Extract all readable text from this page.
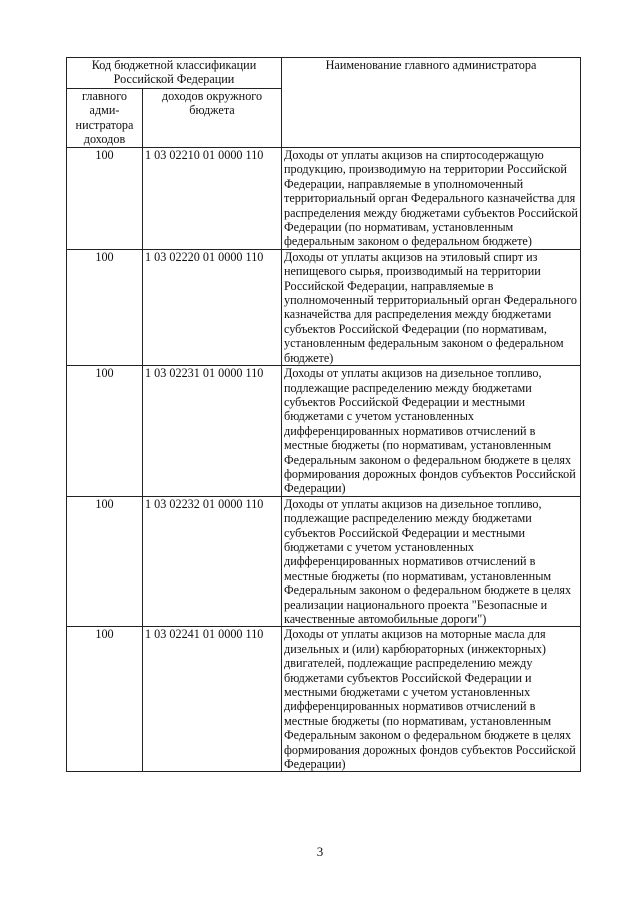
Код бюджетной классификации Российской Федерации		Наименование главного администратора
главного адми-нистратора доходов	доходов окружного бюджета	
100	1 03 02210 01 0000 110	Доходы от уплаты акцизов на спиртосодержащую продукцию, производимую на территории Российской Федерации, направляемые в уполномоченный территориальный орган Федерального казначейства для распределения между бюджетами субъектов Российской Федерации (по нормативам, установленным федеральным законом о федеральном бюджете)
100	1 03 02220 01 0000 110	Доходы от уплаты акцизов на этиловый спирт из непищевого сырья, производимый на территории Российской Федерации, направляемые в уполномоченный территориальный орган Федерального казначейства для распределения между бюджетами субъектов Российской Федерации (по нормативам, установленным федеральным законом о федеральном бюджете)
100	1 03 02231 01 0000 110	Доходы от уплаты акцизов на дизельное топливо, подлежащие распределению между бюджетами субъектов Российской Федерации и местными бюджетами с учетом установленных дифференцированных нормативов отчислений в местные бюджеты (по нормативам, установленным Федеральным законом о федеральном бюджете в целях формирования дорожных фондов субъектов Российской Федерации)
100	1 03 02232 01 0000 110	Доходы от уплаты акцизов на дизельное топливо, подлежащие распределению между бюджетами субъектов Российской Федерации и местными бюджетами с учетом установленных дифференцированных нормативов отчислений в местные бюджеты (по нормативам, установленным Федеральным законом о федеральном бюджете в целях реализации национального проекта "Безопасные и качественные автомобильные дороги")
100	1 03 02241 01 0000 110	Доходы от уплаты акцизов на моторные масла для дизельных и (или) карбюраторных (инжекторных) двигателей, подлежащие распределению между бюджетами субъектов Российской Федерации и местными бюджетами с учетом установленных дифференцированных нормативов отчислений в местные бюджеты (по нормативам, установленным Федеральным законом о федеральном бюджете в целях формирования дорожных фондов субъектов Российской Федерации)
3
